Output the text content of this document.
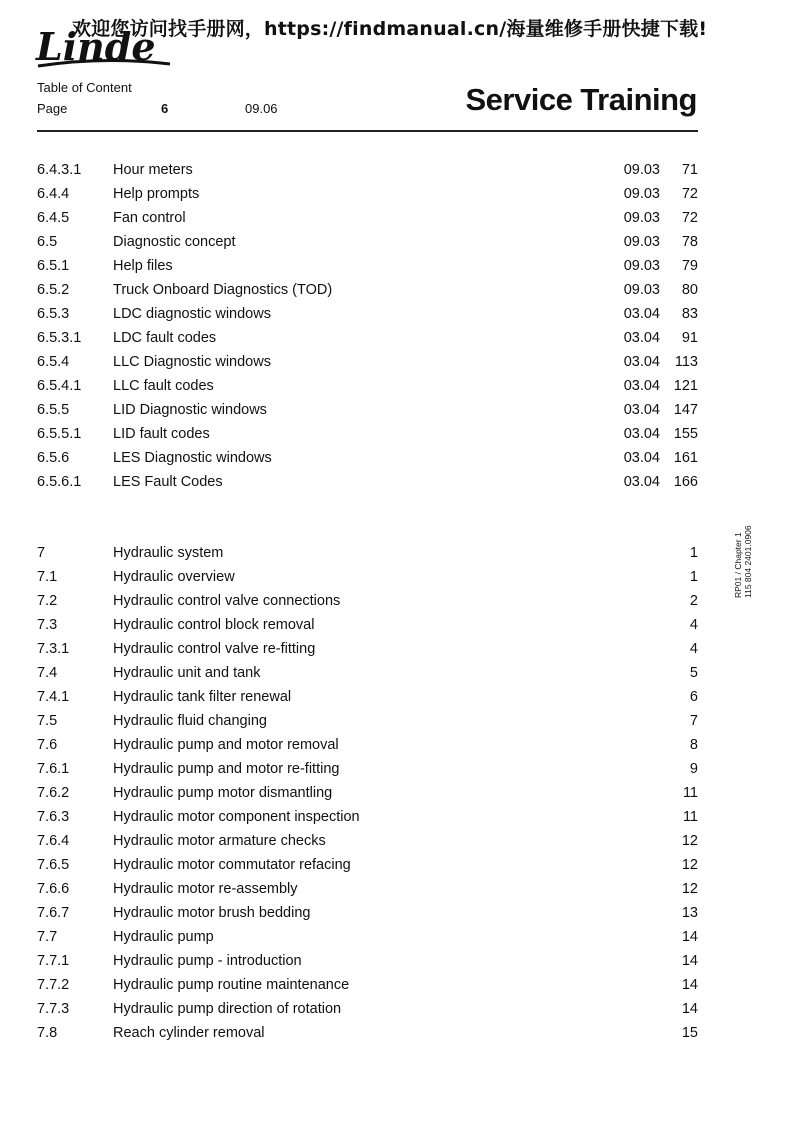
欢迎您访问找手册网，https://findmanual.cn/海量维修手册快捷下载!
Linde
Table of Content
Page	6	09.06	Service Training
6.4.3.1 Hour meters	09.03 71
6.4.4	Help prompts	09.03 72
6.4.5	Fan control	09.03 72
6.5	Diagnostic concept	09.03 78
6.5.1	Help files	09.03 79
6.5.2	Truck Onboard Diagnostics (TOD)	09.03 80
6.5.3	LDC diagnostic windows	03.04 83
6.5.3.1 LDC fault codes	03.04 91
6.5.4	LLC Diagnostic windows	03.04 113
6.5.4.1 LLC fault codes	03.04 121
6.5.5	LID Diagnostic windows	03.04 147
6.5.5.1 LID fault codes	03.04 155
6.5.6	LES Diagnostic windows	03.04 161
6.5.6.1 LES Fault Codes	03.04 166
7	Hydraulic system	1
7.1	Hydraulic overview	1
7.2	Hydraulic control valve connections	2
7.3	Hydraulic control block removal	4
7.3.1	Hydraulic control valve re-fitting	4
7.4	Hydraulic unit and tank	5
7.4.1	Hydraulic tank filter renewal	6
7.5	Hydraulic fluid changing	7
7.6	Hydraulic pump and motor removal	8
7.6.1	Hydraulic pump and motor re-fitting	9
7.6.2	Hydraulic pump motor dismantling	11
7.6.3	Hydraulic motor component inspection	11
7.6.4	Hydraulic motor armature checks	12
7.6.5	Hydraulic motor commutator refacing	12
7.6.6	Hydraulic motor re-assembly	12
7.6.7	Hydraulic motor brush bedding	13
7.7	Hydraulic pump	14
7.7.1	Hydraulic pump - introduction	14
7.7.2	Hydraulic pump routine maintenance	14
7.7.3	Hydraulic pump direction of rotation	14
7.8	Reach cylinder removal	15
RP01 / Chapter 1 115 804 2401.0906
